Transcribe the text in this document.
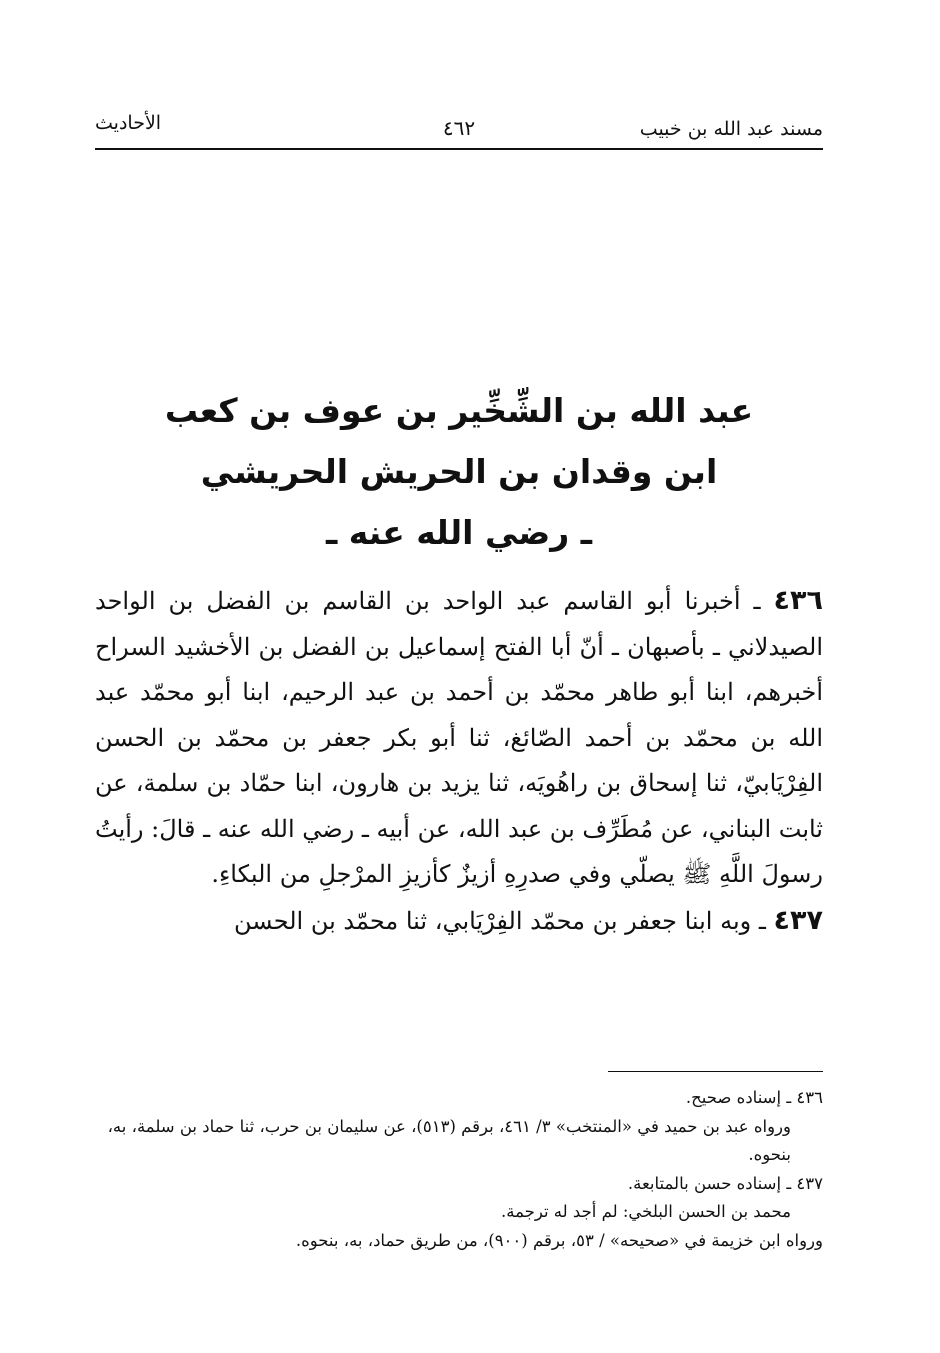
مسند عبد الله بن خبيب
٤٦٢
الأحاديث
عبد الله بن الشِّخِّير بن عوف بن كعب
ابن وقدان بن الحريش الحريشي
ـ رضي الله عنه ـ

٤٣٦ ـ أخبرنا أبو القاسم عبد الواحد بن القاسم بن الفضل بن الواحد الصيدلاني ـ بأصبهان ـ أنّ أبا الفتح إسماعيل بن الفضل بن الأخشيد السراح أخبرهم، ابنا أبو طاهر محمّد بن أحمد بن عبد الرحيم، ابنا أبو محمّد عبد الله بن محمّد بن أحمد الصّائغ، ثنا أبو بكر جعفر بن محمّد بن الحسن الفِرْيَابيّ، ثنا إسحاق بن راهُويَه، ثنا يزيد بن هارون، ابنا حمّاد بن سلمة، عن ثابت البناني، عن مُطَرِّف بن عبد الله، عن أبيه ـ رضي الله عنه ـ قالَ: رأيتُ رسولَ اللَّهِ ﷺ يصلّي وفي صدرِهِ أزيزٌ كأزيزِ المرْجلِ من البكاءِ.

٤٣٧ ـ وبه ابنا جعفر بن محمّد الفِرْيَابي، ثنا محمّد بن الحسن

٤٣٦ ـ إسناده صحيح.

ورواه عبد بن حميد في «المنتخب» ٣/ ٤٦١، برقم (٥١٣)، عن سليمان بن حرب، ثنا حماد بن سلمة، به، بنحوه.

٤٣٧ ـ إسناده حسن بالمتابعة.

محمد بن الحسن البلخي: لم أجد له ترجمة.

ورواه ابن خزيمة في «صحيحه» / ٥٣، برقم (٩٠٠)، من طريق حماد، به، بنحوه.
